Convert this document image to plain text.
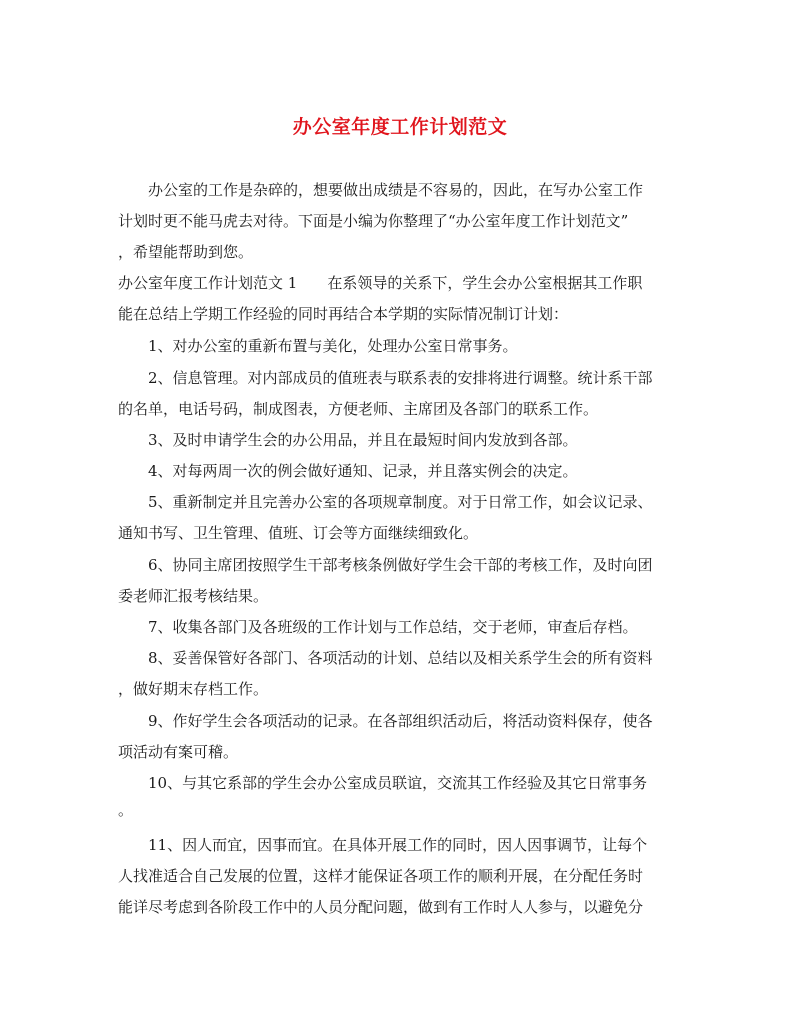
办公室年度工作计划范文
办公室的工作是杂碎的，想要做出成绩是不容易的，因此，在写办公室工作
计划时更不能马虎去对待。下面是小编为你整理了“办公室年度工作计划范文”
，希望能帮助到您。
办公室年度工作计划范文 1　　在系领导的关系下，学生会办公室根据其工作职
能在总结上学期工作经验的同时再结合本学期的实际情况制订计划：
1、对办公室的重新布置与美化，处理办公室日常事务。
2、信息管理。对内部成员的值班表与联系表的安排将进行调整。统计系干部
的名单，电话号码，制成图表，方便老师、主席团及各部门的联系工作。
3、及时申请学生会的办公用品，并且在最短时间内发放到各部。
4、对每两周一次的例会做好通知、记录，并且落实例会的决定。
5、重新制定并且完善办公室的各项规章制度。对于日常工作，如会议记录、
通知书写、卫生管理、值班、订会等方面继续细致化。
6、协同主席团按照学生干部考核条例做好学生会干部的考核工作，及时向团
委老师汇报考核结果。
7、收集各部门及各班级的工作计划与工作总结，交于老师，审查后存档。
8、妥善保管好各部门、各项活动的计划、总结以及相关系学生会的所有资料
，做好期末存档工作。
9、作好学生会各项活动的记录。在各部组织活动后，将活动资料保存，使各
项活动有案可稽。
10、与其它系部的学生会办公室成员联谊，交流其工作经验及其它日常事务
。
11、因人而宜，因事而宜。在具体开展工作的同时，因人因事调节，让每个
人找准适合自己发展的位置，这样才能保证各项工作的顺利开展，在分配任务时
能详尽考虑到各阶段工作中的人员分配问题，做到有工作时人人参与，以避免分
